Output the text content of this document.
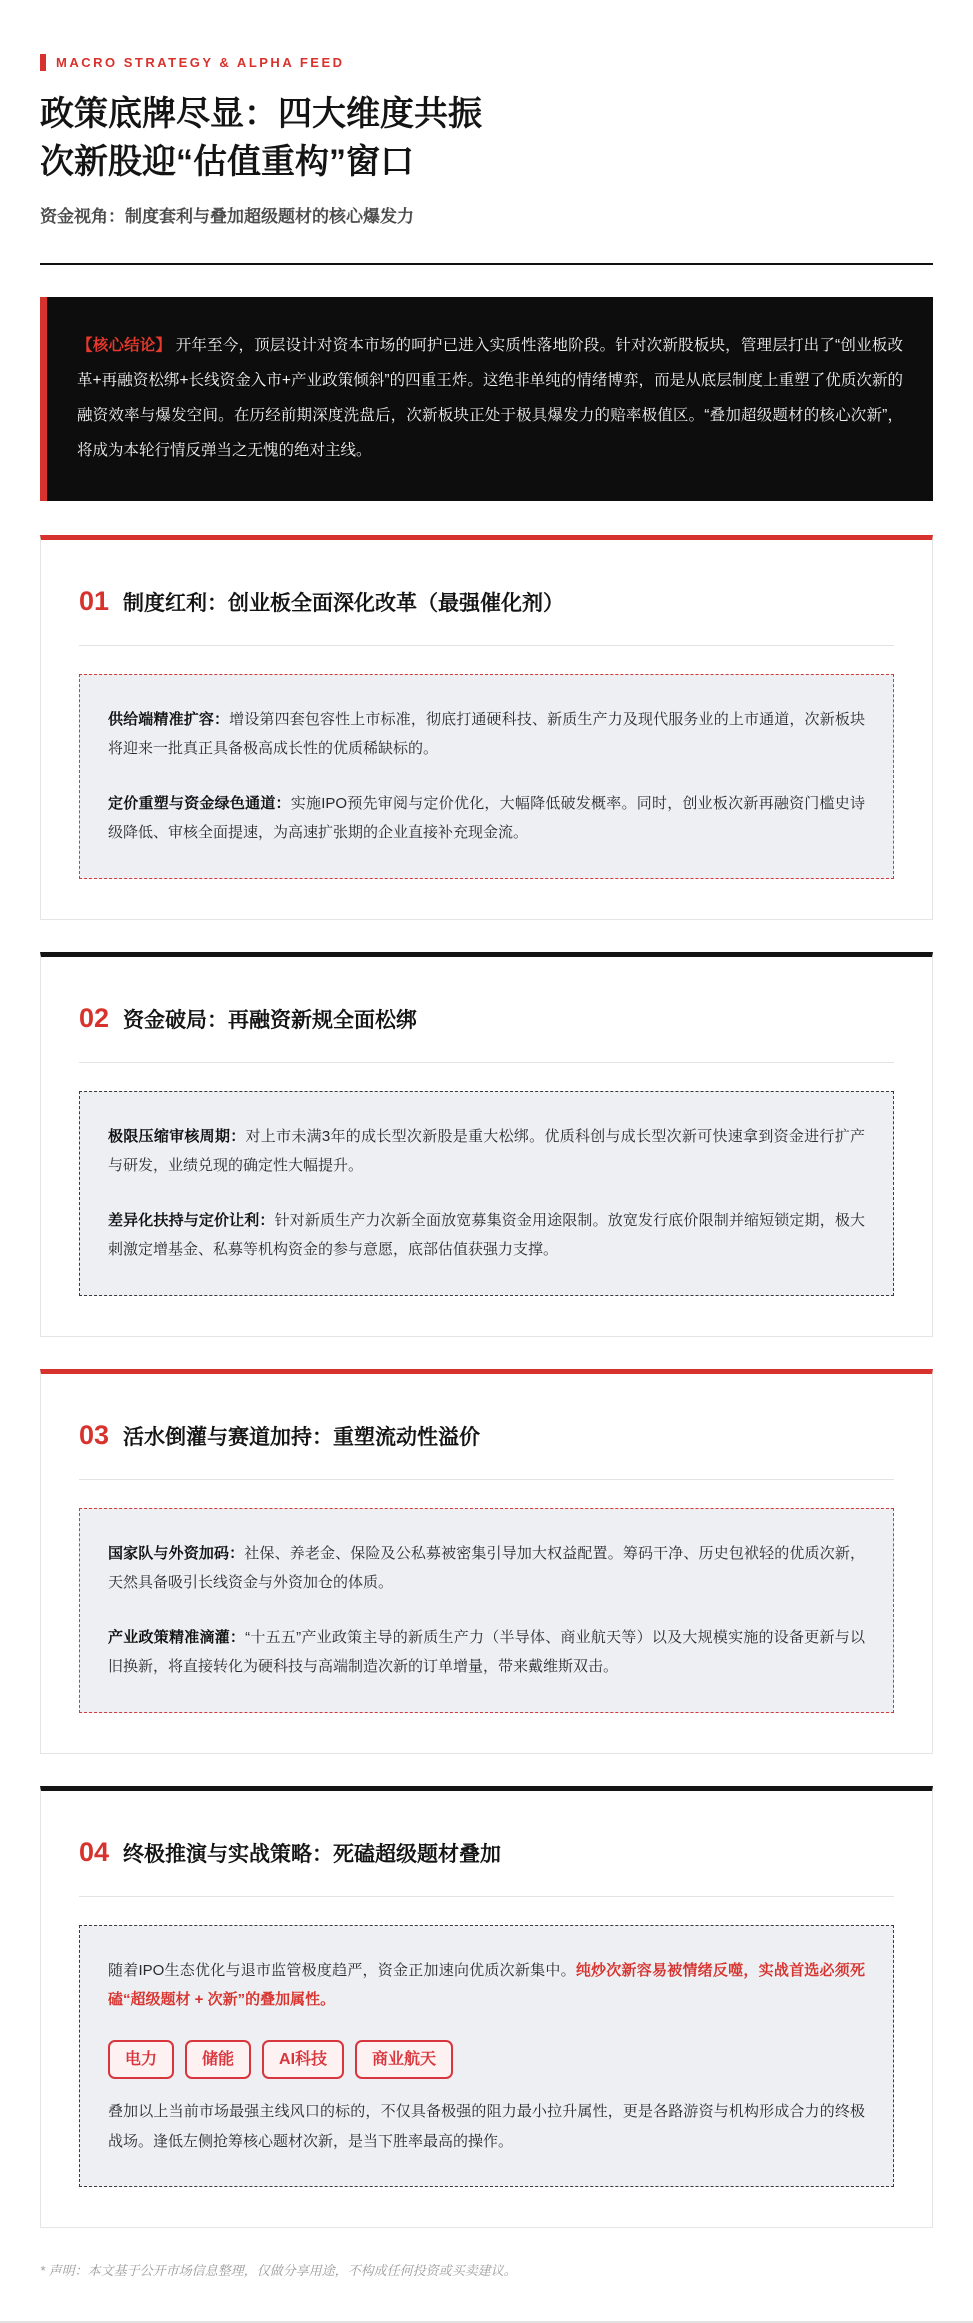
MACRO STRATEGY & ALPHA FEED
政策底牌尽显：四大维度共振
次新股迎“估值重构”窗口
资金视角：制度套利与叠加超级题材的核心爆发力
【核心结论】 开年至今，顶层设计对资本市场的呵护已进入实质性落地阶段。针对次新股板块，管理层打出了“创业板改革+再融资松绑+长线资金入市+产业政策倾斜”的四重王炸。这绝非单纯的情绪博弈，而是从底层制度上重塑了优质次新的融资效率与爆发空间。在历经前期深度洗盘后，次新板块正处于极具爆发力的赔率极值区。“叠加超级题材的核心次新”，将成为本轮行情反弹当之无愧的绝对主线。
01 制度红利：创业板全面深化改革（最强催化剂）

供给端精准扩容：增设第四套包容性上市标准，彻底打通硬科技、新质生产力及现代服务业的上市通道，次新板块将迎来一批真正具备极高成长性的优质稀缺标的。

定价重塑与资金绿色通道：实施IPO预先审阅与定价优化，大幅降低破发概率。同时，创业板次新再融资门槛史诗级降低、审核全面提速，为高速扩张期的企业直接补充现金流。

02 资金破局：再融资新规全面松绑

极限压缩审核周期：对上市未满3年的成长型次新股是重大松绑。优质科创与成长型次新可快速拿到资金进行扩产与研发，业绩兑现的确定性大幅提升。

差异化扶持与定价让利：针对新质生产力次新全面放宽募集资金用途限制。放宽发行底价限制并缩短锁定期，极大刺激定增基金、私募等机构资金的参与意愿，底部估值获强力支撑。

03 活水倒灌与赛道加持：重塑流动性溢价

国家队与外资加码：社保、养老金、保险及公私募被密集引导加大权益配置。筹码干净、历史包袱轻的优质次新，天然具备吸引长线资金与外资加仓的体质。

产业政策精准滴灌：“十五五”产业政策主导的新质生产力（半导体、商业航天等）以及大规模实施的设备更新与以旧换新，将直接转化为硬科技与高端制造次新的订单增量，带来戴维斯双击。

04 终极推演与实战策略：死磕超级题材叠加

随着IPO生态优化与退市监管极度趋严，资金正加速向优质次新集中。纯炒次新容易被情绪反噬，实战首选必须死磕“超级题材 + 次新”的叠加属性。

电力	储能	AI科技	商业航天

叠加以上当前市场最强主线风口的标的，不仅具备极强的阻力最小拉升属性，更是各路游资与机构形成合力的终极战场。逢低左侧抢筹核心题材次新，是当下胜率最高的操作。

* 声明：本文基于公开市场信息整理，仅做分享用途，不构成任何投资或买卖建议。
